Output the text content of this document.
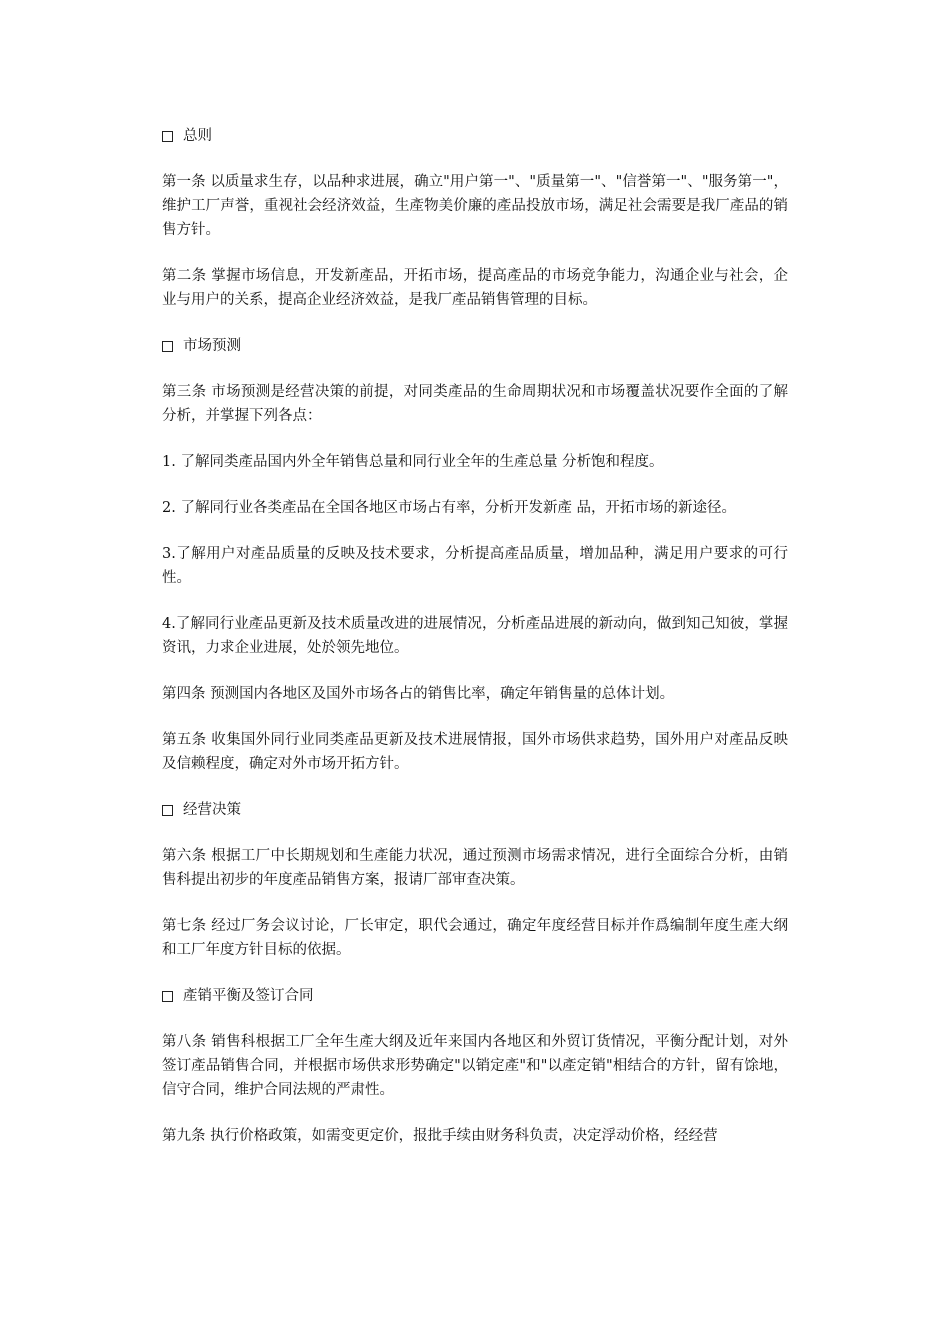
总则

第一条 以质量求生存，以品种求进展，确立"用户第一"、"质量第一"、"信誉第一"、"服务第一"，维护工厂声誉，重视社会经济效益，生產物美价廉的產品投放市场，满足社会需要是我厂產品的销售方针。

第二条 掌握市场信息，开发新產品，开拓市场，提高產品的市场竞争能力，沟通企业与社会，企业与用户的关系，提高企业经济效益，是我厂產品销售管理的目标。

市场预测

第三条 市场预测是经营决策的前提，对同类產品的生命周期状况和市场覆盖状况要作全面的了解分析，并掌握下列各点：

1. 了解同类產品国内外全年销售总量和同行业全年的生產总量 分析饱和程度。

2. 了解同行业各类產品在全国各地区市场占有率，分析开发新產 品，开拓市场的新途径。

3.了解用户对產品质量的反映及技术要求，分析提高產品质量，增加品种，满足用户要求的可行性。

4.了解同行业產品更新及技术质量改进的进展情况，分析產品进展的新动向，做到知己知彼，掌握资讯，力求企业进展，处於领先地位。

第四条 预测国内各地区及国外市场各占的销售比率，确定年销售量的总体计划。

第五条 收集国外同行业同类產品更新及技术进展情报，国外市场供求趋势，国外用户对產品反映及信赖程度，确定对外市场开拓方针。

经营决策

第六条 根据工厂中长期规划和生產能力状况，通过预测市场需求情况，进行全面综合分析，由销售科提出初步的年度產品销售方案，报请厂部审查决策。

第七条 经过厂务会议讨论，厂长审定，职代会通过，确定年度经营目标并作爲编制年度生產大纲和工厂年度方针目标的依据。

產销平衡及签订合同

第八条 销售科根据工厂全年生產大纲及近年来国内各地区和外贸订货情况，平衡分配计划，对外签订產品销售合同，并根据市场供求形势确定"以销定產"和"以產定销"相结合的方针，留有馀地，信守合同，维护合同法规的严肃性。

第九条 执行价格政策，如需变更定价，报批手续由财务科负责，决定浮动价格，经经营
